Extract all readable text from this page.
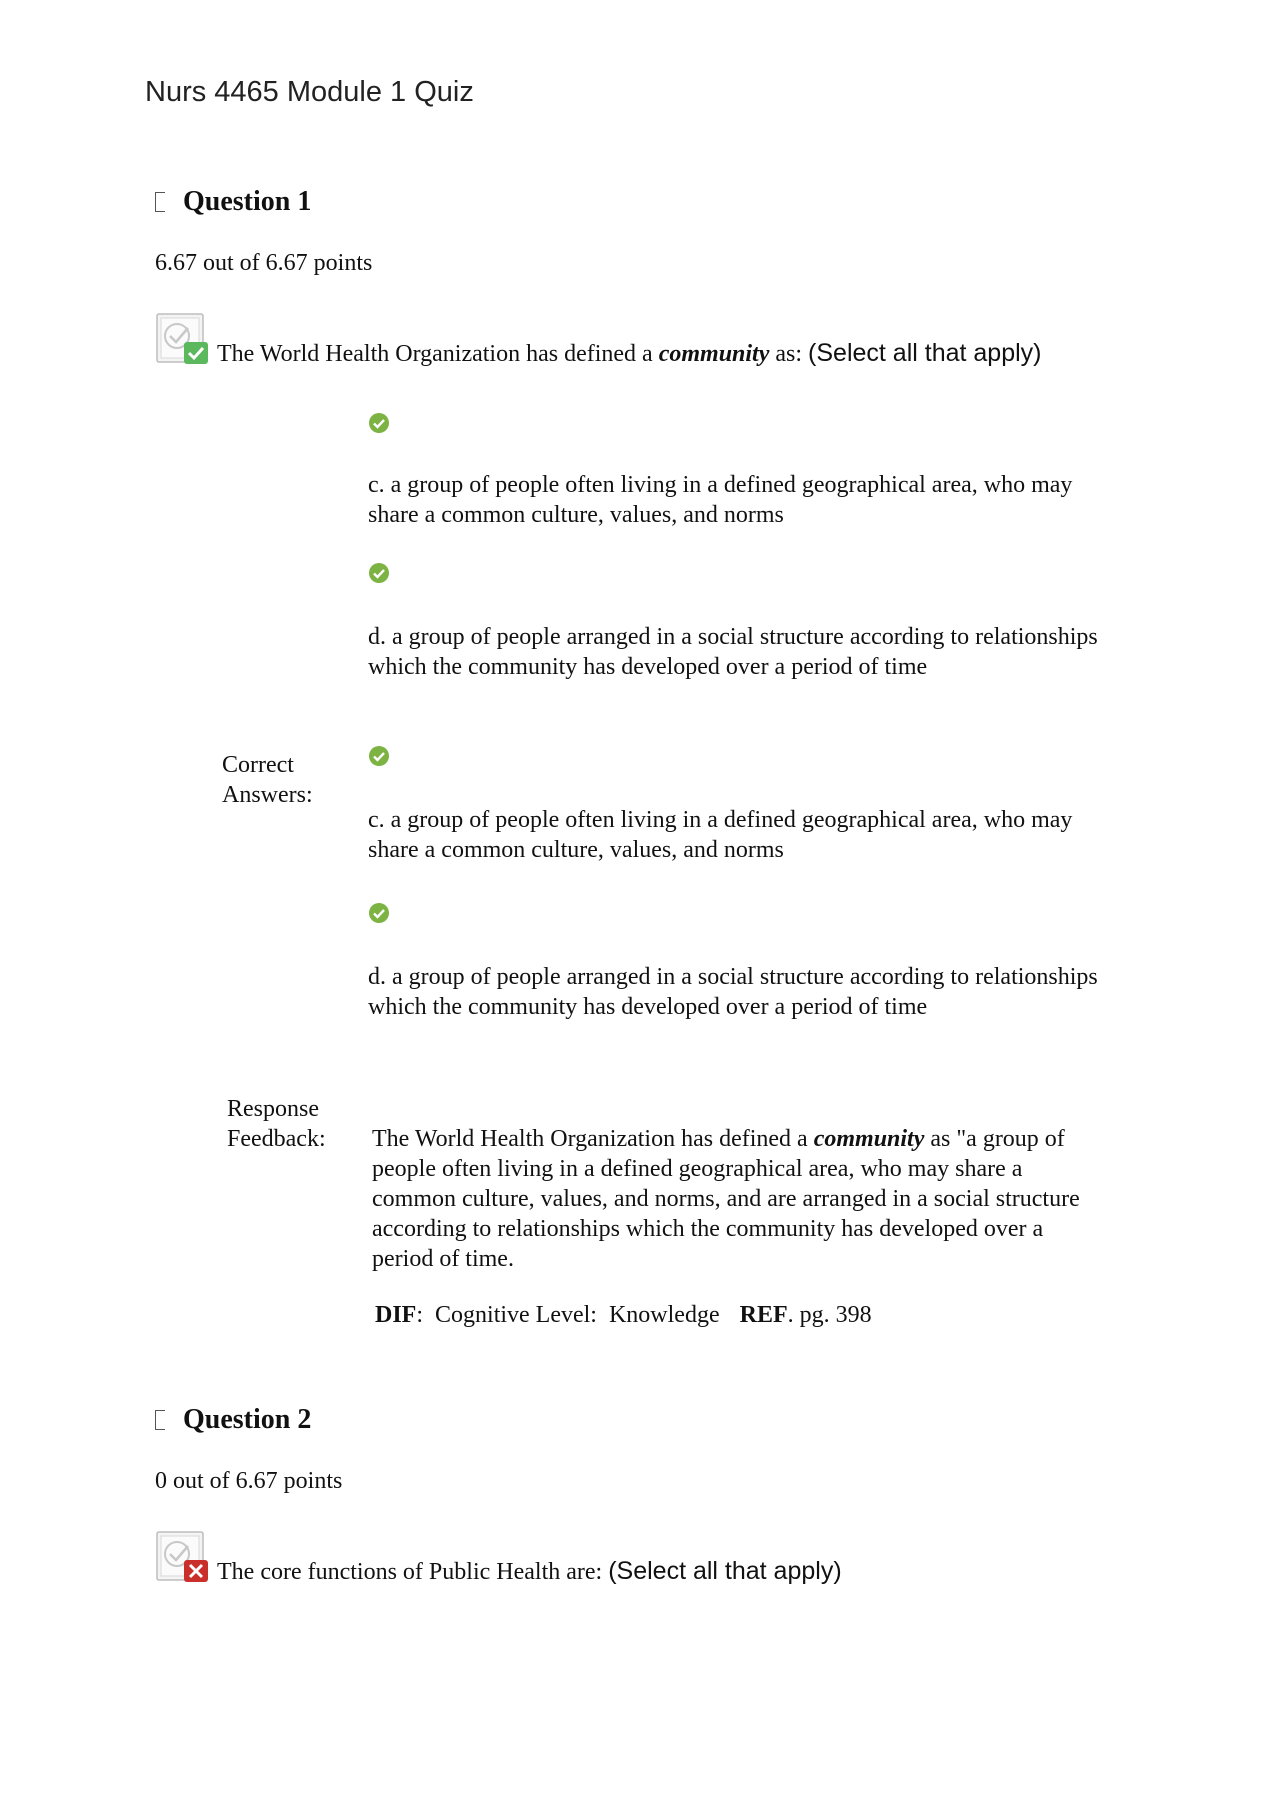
Nurs 4465 Module 1 Quiz
Question 1
6.67 out of 6.67 points
The World Health Organization has defined a community as: (Select all that apply)
c. a group of people often living in a defined geographical area, who may share a common culture, values, and norms
d. a group of people arranged in a social structure according to relationships which the community has developed over a period of time
Correct Answers:
c. a group of people often living in a defined geographical area, who may share a common culture, values, and norms
d. a group of people arranged in a social structure according to relationships which the community has developed over a period of time
Response Feedback:	The World Health Organization has defined a community as "a group of people often living in a defined geographical area, who may share a common culture, values, and norms, and are arranged in a social structure according to relationships which the community has developed over a period of time.
DIF:  Cognitive Level:  Knowledge REF. pg. 398
Question 2
0 out of 6.67 points
The core functions of Public Health are: (Select all that apply)
